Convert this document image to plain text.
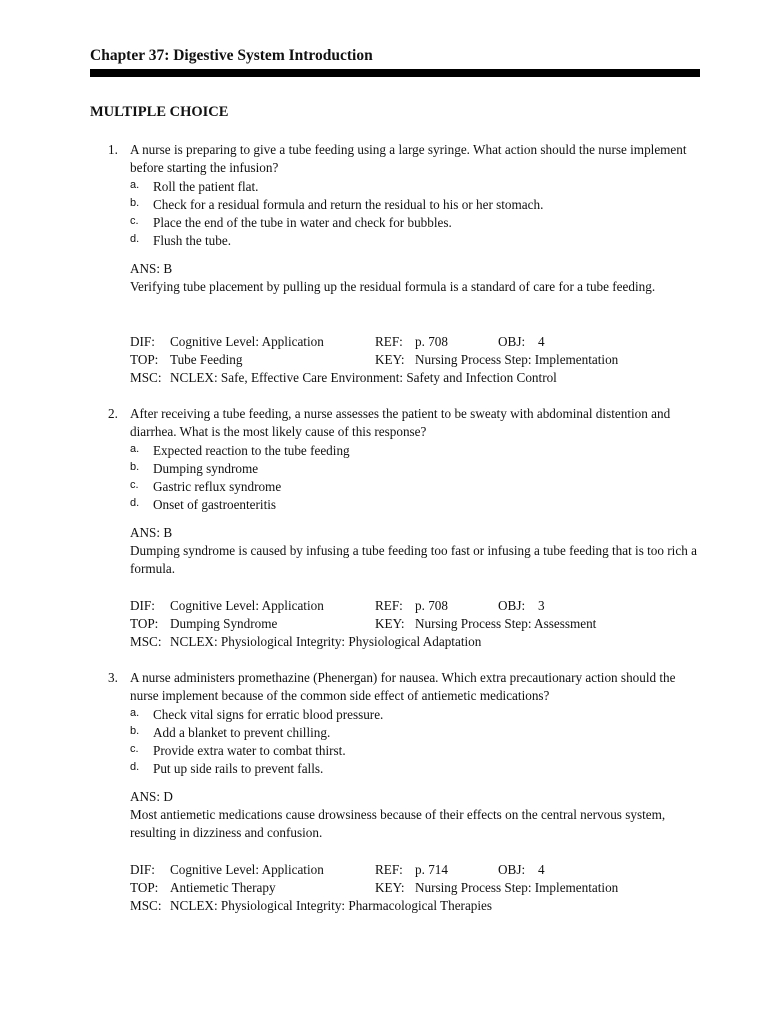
Chapter 37: Digestive System Introduction
MULTIPLE CHOICE
1. A nurse is preparing to give a tube feeding using a large syringe. What action should the nurse implement before starting the infusion?
a. Roll the patient flat.
b. Check for a residual formula and return the residual to his or her stomach.
c. Place the end of the tube in water and check for bubbles.
d. Flush the tube.
ANS: B
Verifying tube placement by pulling up the residual formula is a standard of care for a tube feeding.
DIF: Cognitive Level: Application	REF: p. 708	OBJ: 4
TOP: Tube Feeding	KEY: Nursing Process Step: Implementation
MSC: NCLEX: Safe, Effective Care Environment: Safety and Infection Control
2. After receiving a tube feeding, a nurse assesses the patient to be sweaty with abdominal distention and diarrhea. What is the most likely cause of this response?
a. Expected reaction to the tube feeding
b. Dumping syndrome
c. Gastric reflux syndrome
d. Onset of gastroenteritis
ANS: B
Dumping syndrome is caused by infusing a tube feeding too fast or infusing a tube feeding that is too rich a formula.
DIF: Cognitive Level: Application	REF: p. 708	OBJ: 3
TOP: Dumping Syndrome	KEY: Nursing Process Step: Assessment
MSC: NCLEX: Physiological Integrity: Physiological Adaptation
3. A nurse administers promethazine (Phenergan) for nausea. Which extra precautionary action should the nurse implement because of the common side effect of antiemetic medications?
a. Check vital signs for erratic blood pressure.
b. Add a blanket to prevent chilling.
c. Provide extra water to combat thirst.
d. Put up side rails to prevent falls.
ANS: D
Most antiemetic medications cause drowsiness because of their effects on the central nervous system, resulting in dizziness and confusion.
DIF: Cognitive Level: Application	REF: p. 714	OBJ: 4
TOP: Antiemetic Therapy	KEY: Nursing Process Step: Implementation
MSC: NCLEX: Physiological Integrity: Pharmacological Therapies
